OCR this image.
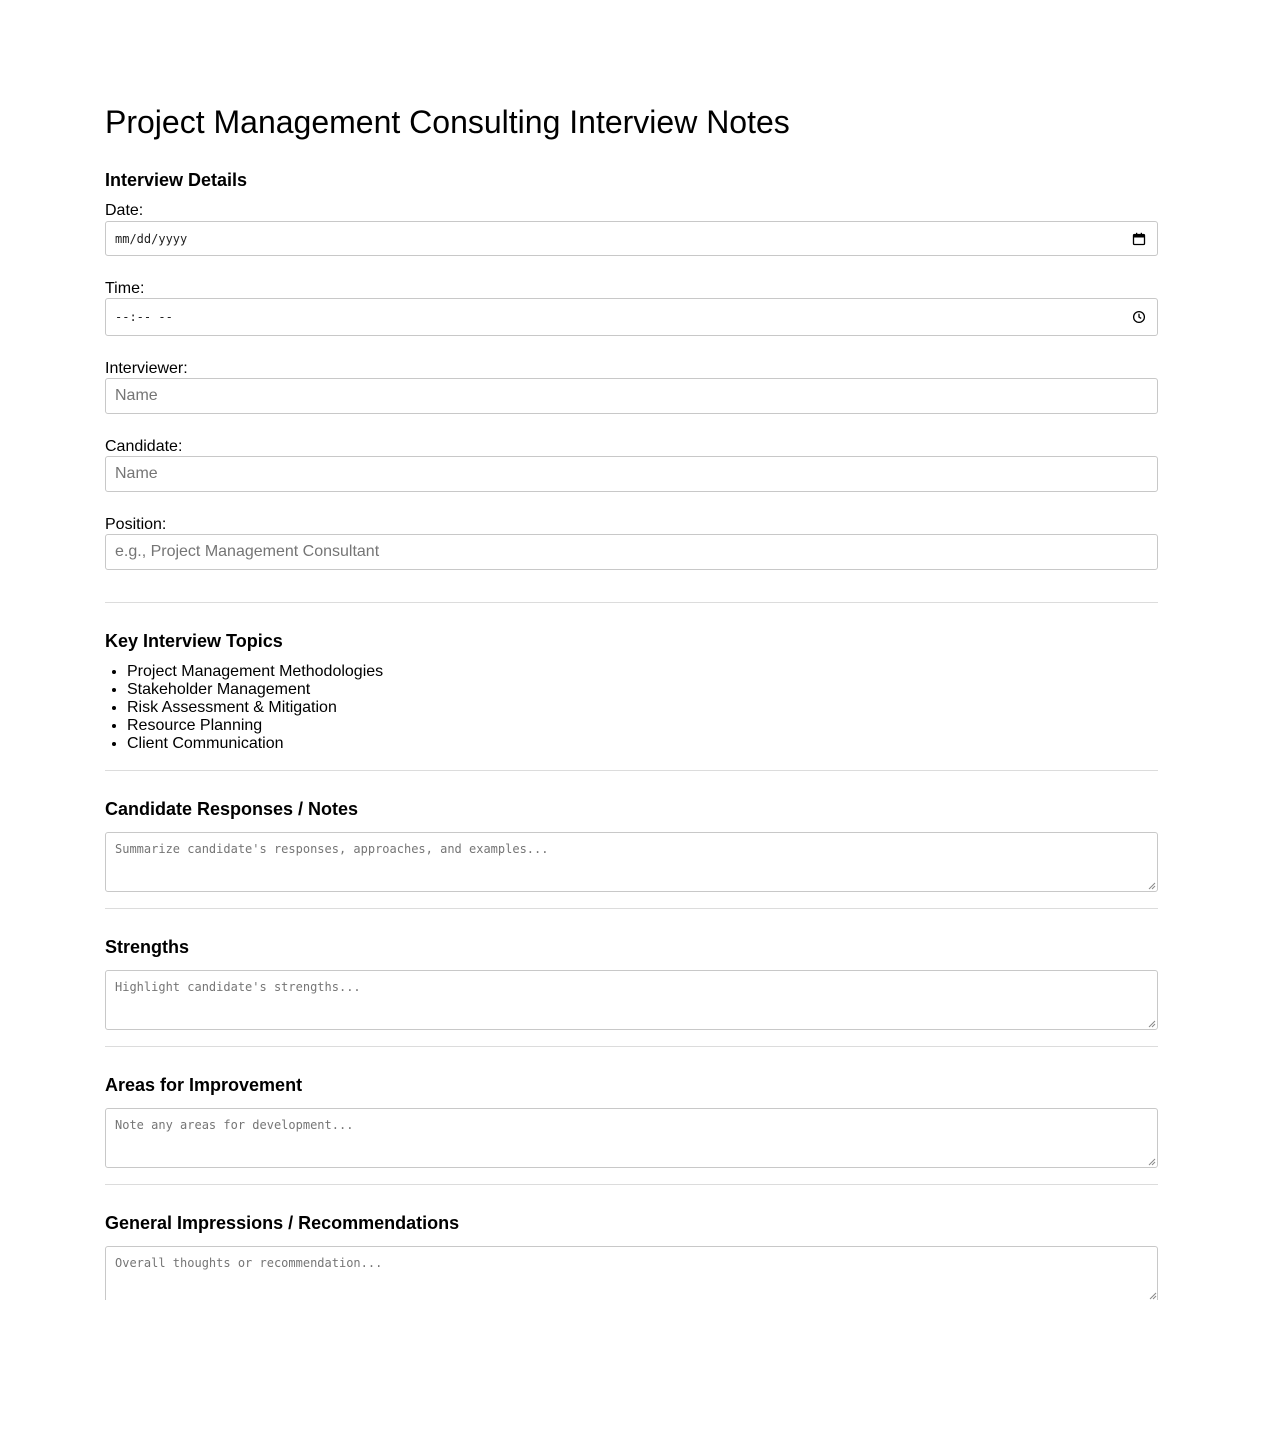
Project Management Consulting Interview Notes
Interview Details
Date:
mm/dd/yyyy
Time:
--:-- --
Interviewer:
Name
Candidate:
Name
Position:
e.g., Project Management Consultant
Key Interview Topics
• Project Management Methodologies
• Stakeholder Management
• Risk Assessment & Mitigation
• Resource Planning
• Client Communication
Candidate Responses / Notes
Summarize candidate's responses, approaches, and examples...
Strengths
Highlight candidate's strengths...
Areas for Improvement
Note any areas for development...
General Impressions / Recommendations
Overall thoughts or recommendation...
